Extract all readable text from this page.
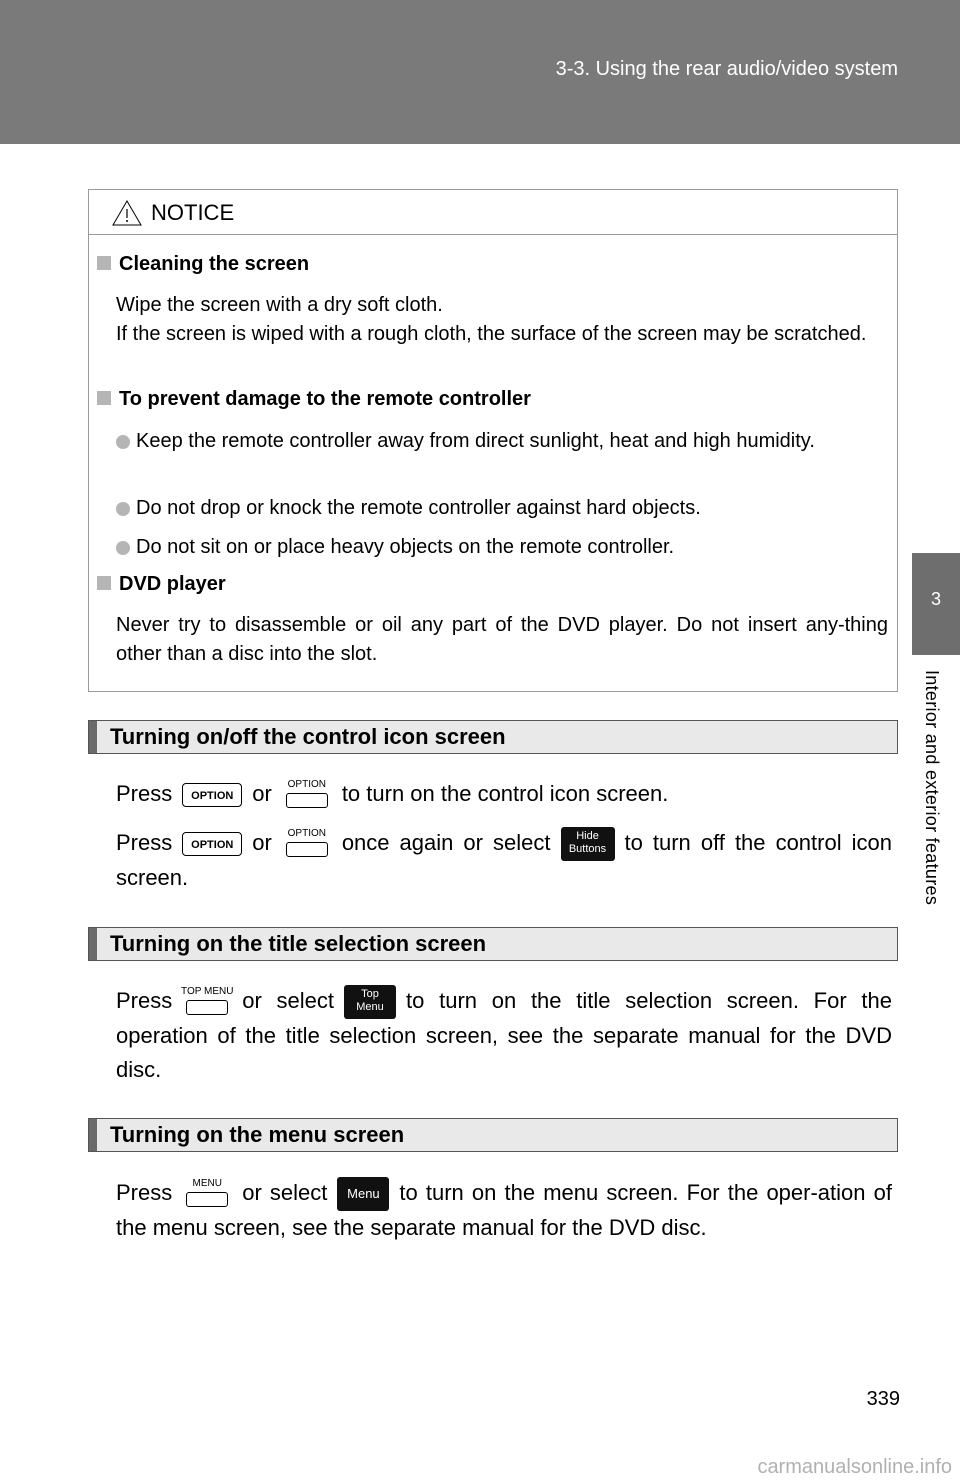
3-3. Using the rear audio/video system
3
Interior and exterior features
NOTICE
Cleaning the screen
Wipe the screen with a dry soft cloth.
If the screen is wiped with a rough cloth, the surface of the screen may be scratched.
To prevent damage to the remote controller
Keep the remote controller away from direct sunlight, heat and high humidity.
Do not drop or knock the remote controller against hard objects.
Do not sit on or place heavy objects on the remote controller.
DVD player
Never try to disassemble or oil any part of the DVD player. Do not insert any-thing other than a disc into the slot.
Turning on/off the control icon screen
Press OPTION or	OPTION to turn on the control icon screen.
Press OPTION or	OPTION once again or select Hide
Buttons to turn off the control icon screen.
Turning on the title selection screen
Press TOP MENU or select Top
Menu to turn on the title selection screen. For the operation of the title selection screen, see the separate manual for the DVD disc.
Turning on the menu screen
Press	MENU or select Menu to turn on the menu screen. For the oper-ation of the menu screen, see the separate manual for the DVD disc.
339
carmanualsonline.info
